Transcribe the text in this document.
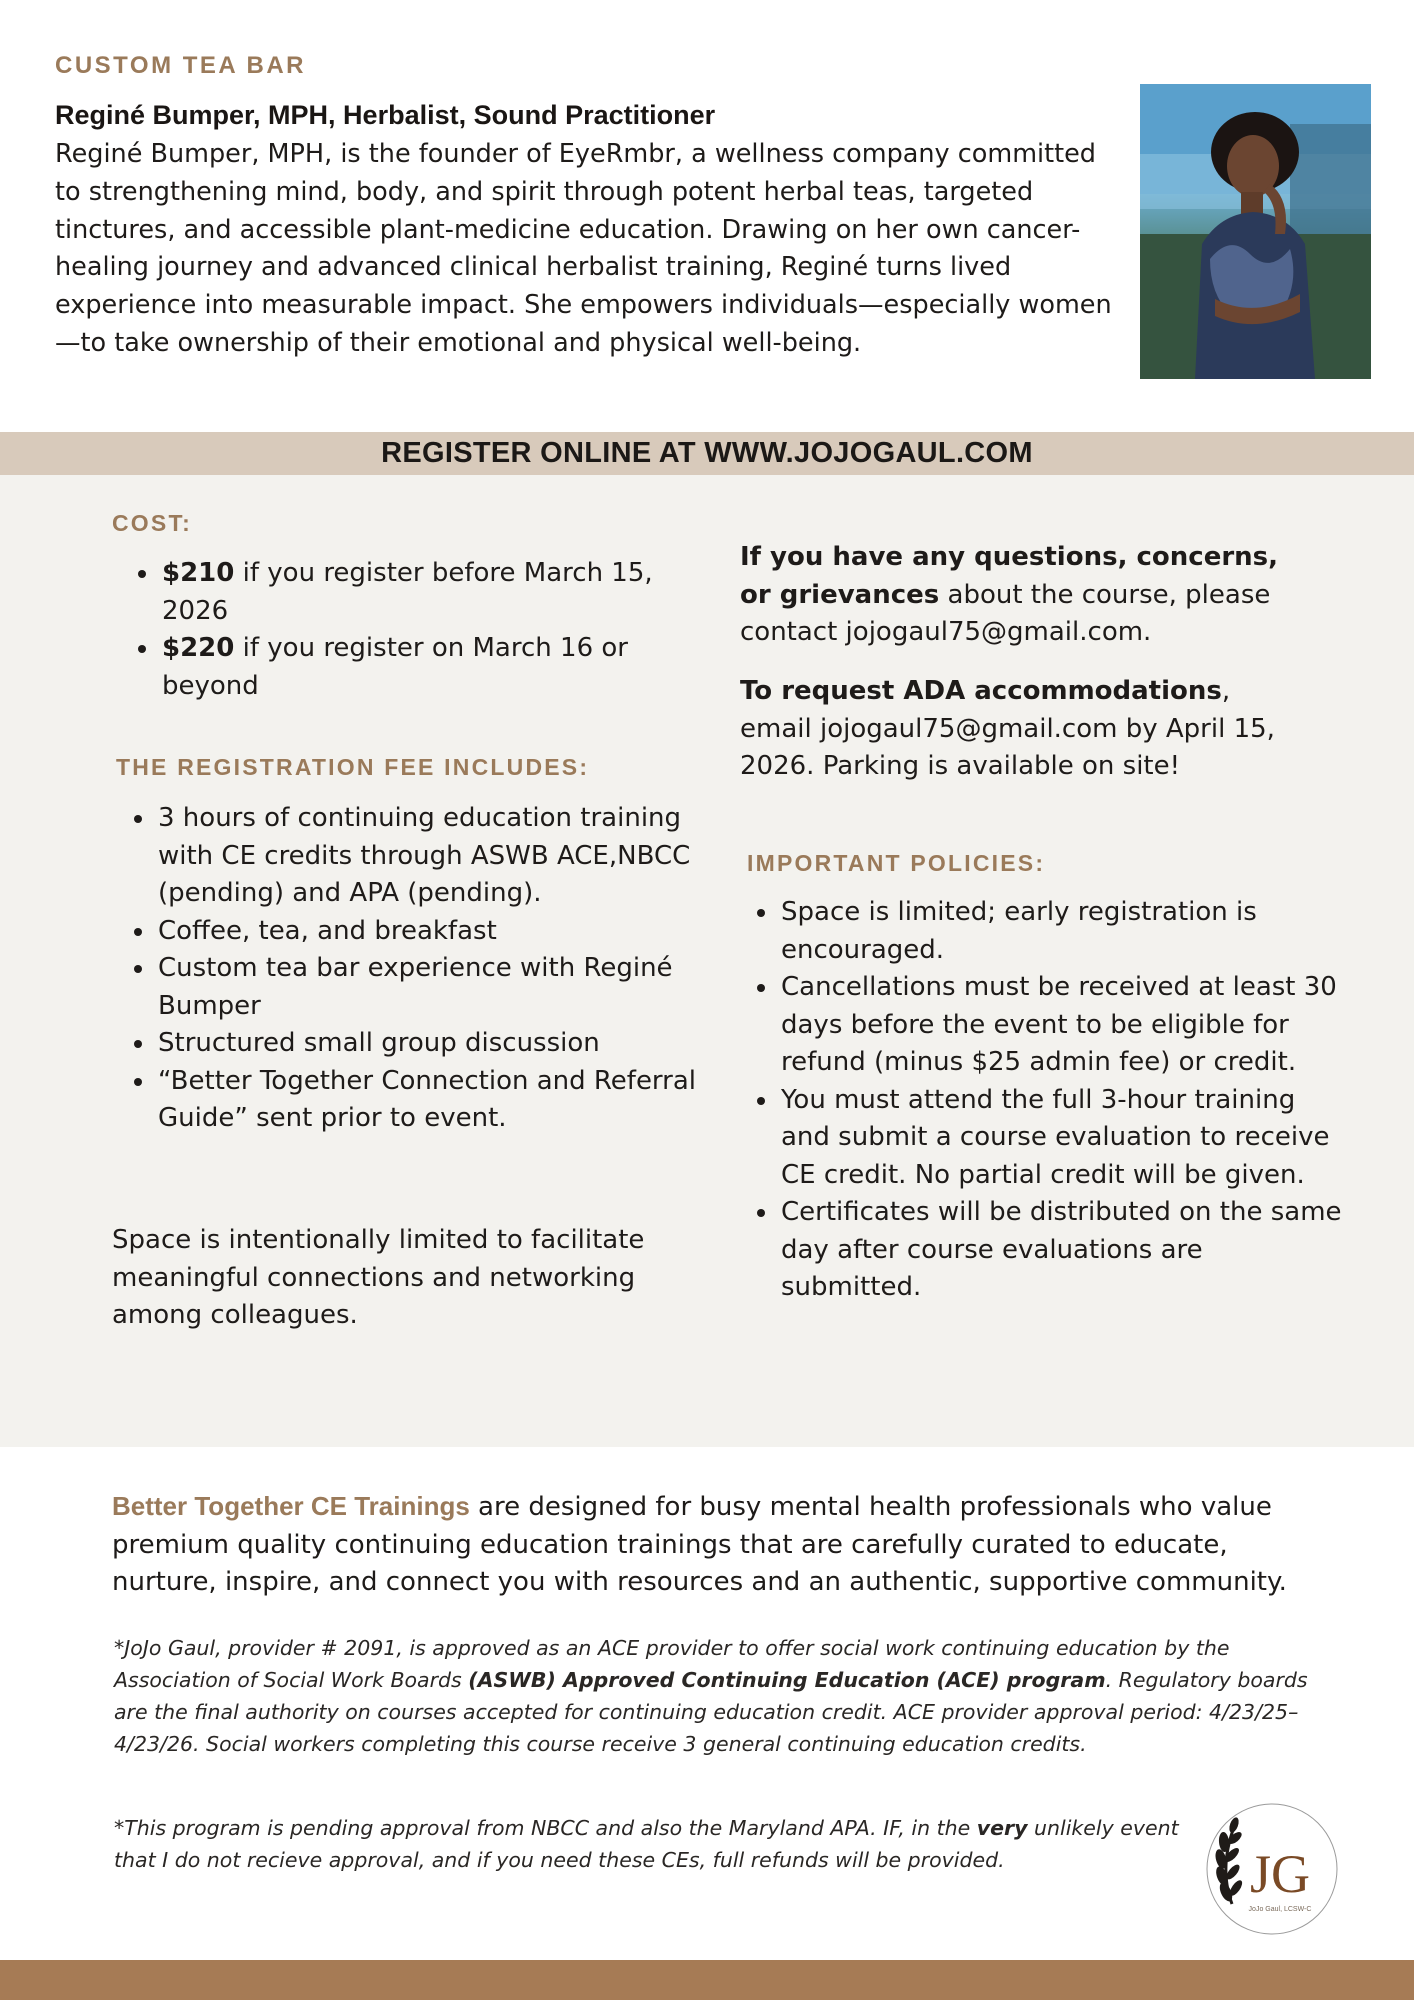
CUSTOM TEA BAR
Reginé Bumper, MPH, Herbalist, Sound Practitioner

Reginé Bumper, MPH, is the founder of EyeRmbr, a wellness company committed to strengthening mind, body, and spirit through potent herbal teas, targeted tinctures, and accessible plant-medicine education. Drawing on her own cancer-healing journey and advanced clinical herbalist training, Reginé turns lived experience into measurable impact. She empowers individuals—especially women—to take ownership of their emotional and physical well-being.

REGISTER ONLINE AT WWW.JOJOGAUL.COM
COST:
• $210 if you register before March 15, 2026
• $220 if you register on March 16 or beyond
THE REGISTRATION FEE INCLUDES:
• 3 hours of continuing education training with CE credits through ASWB ACE,NBCC (pending) and APA (pending).
• Coffee, tea, and breakfast
• Custom tea bar experience with Reginé Bumper
• Structured small group discussion
• “Better Together Connection and Referral Guide” sent prior to event.

Space is intentionally limited to facilitate meaningful connections and networking among colleagues.

If you have any questions, concerns, or grievances about the course, please contact jojogaul75@gmail.com.

To request ADA accommodations, email jojogaul75@gmail.com by April 15, 2026. Parking is available on site!

IMPORTANT POLICIES:
• Space is limited; early registration is encouraged.
• Cancellations must be received at least 30 days before the event to be eligible for refund (minus $25 admin fee) or credit.
• You must attend the full 3-hour training and submit a course evaluation to receive CE credit. No partial credit will be given.
• Certificates will be distributed on the same day after course evaluations are submitted.

Better Together CE Trainings are designed for busy mental health professionals who value premium quality continuing education trainings that are carefully curated to educate, nurture, inspire, and connect you with resources and an authentic, supportive community.

*JoJo Gaul, provider # 2091, is approved as an ACE provider to offer social work continuing education by the Association of Social Work Boards (ASWB) Approved Continuing Education (ACE) program. Regulatory boards are the final authority on courses accepted for continuing education credit. ACE provider approval period: 4/23/25–4/23/26. Social workers completing this course receive 3 general continuing education credits.

*This program is pending approval from NBCC and also the Maryland APA. IF, in the very unlikely event that I do not recieve approval, and if you need these CEs, full refunds will be provided.	JG
JoJo Gaul, LCSW-C
